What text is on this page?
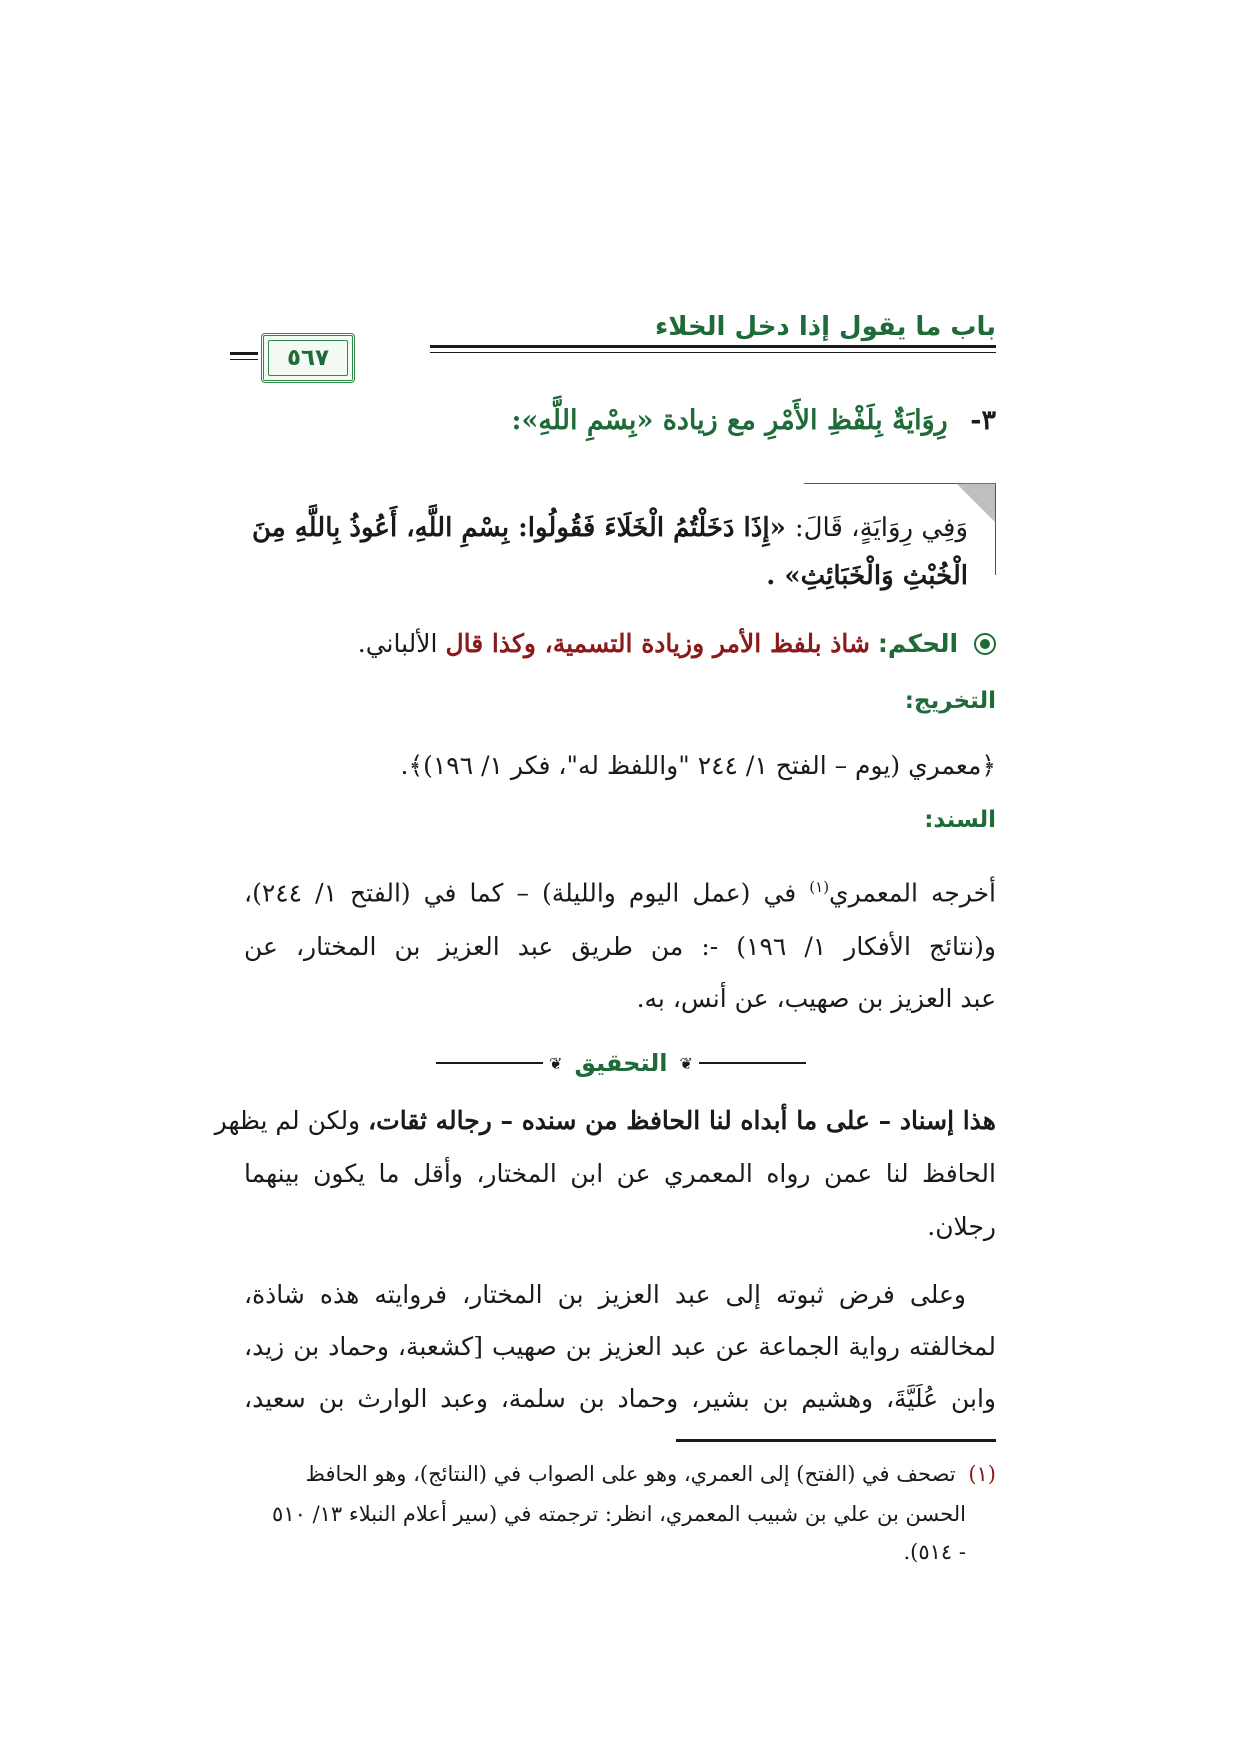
باب ما يقول إذا دخل الخلاء
٥٦٧
٣- رِوَايَةٌ بِلَفْظِ الأَمْرِ مع زيادة «بِسْمِ اللَّهِ»:
وَفِي رِوَايَةٍ، قَالَ: «إِذَا دَخَلْتُمُ الْخَلَاءَ فَقُولُوا: بِسْمِ اللَّهِ، أَعُوذُ بِاللَّهِ مِنَ
الْخُبْثِ وَالْخَبَائِثِ» .
الحكم: شاذ بلفظ الأمر وزيادة التسمية، وكذا قال الألباني.
التخريج:
﴿معمري (يوم – الفتح ١/ ٢٤٤ "واللفظ له"، فكر ١/ ١٩٦)﴾.
السند:
أخرجه المعمري$^{(١)}$ في (عمل اليوم والليلة) – كما في (الفتح ١/ ٢٤٤)،
و(نتائج الأفكار ١/ ١٩٦) -: من طريق عبد العزيز بن المختار، عن
عبد العزيز بن صهيب، عن أنس، به.
❦
التحقيق
❦
هذا إسناد – على ما أبداه لنا الحافظ من سنده – رجاله ثقات، ولكن لم يظهر
الحافظ لنا عمن رواه المعمري عن ابن المختار، وأقل ما يكون بينهما
رجلان.
وعلى فرض ثبوته إلى عبد العزيز بن المختار، فروايته هذه شاذة،
لمخالفته رواية الجماعة عن عبد العزيز بن صهيب [كشعبة، وحماد بن زيد،
وابن عُلَيَّةَ، وهشيم بن بشير، وحماد بن سلمة، وعبد الوارث بن سعيد،
(١) تصحف في (الفتح) إلى العمري، وهو على الصواب في (النتائج)، وهو الحافظ
الحسن بن علي بن شبيب المعمري، انظر: ترجمته في (سير أعلام النبلاء ١٣/ ٥١٠
- ٥١٤).
